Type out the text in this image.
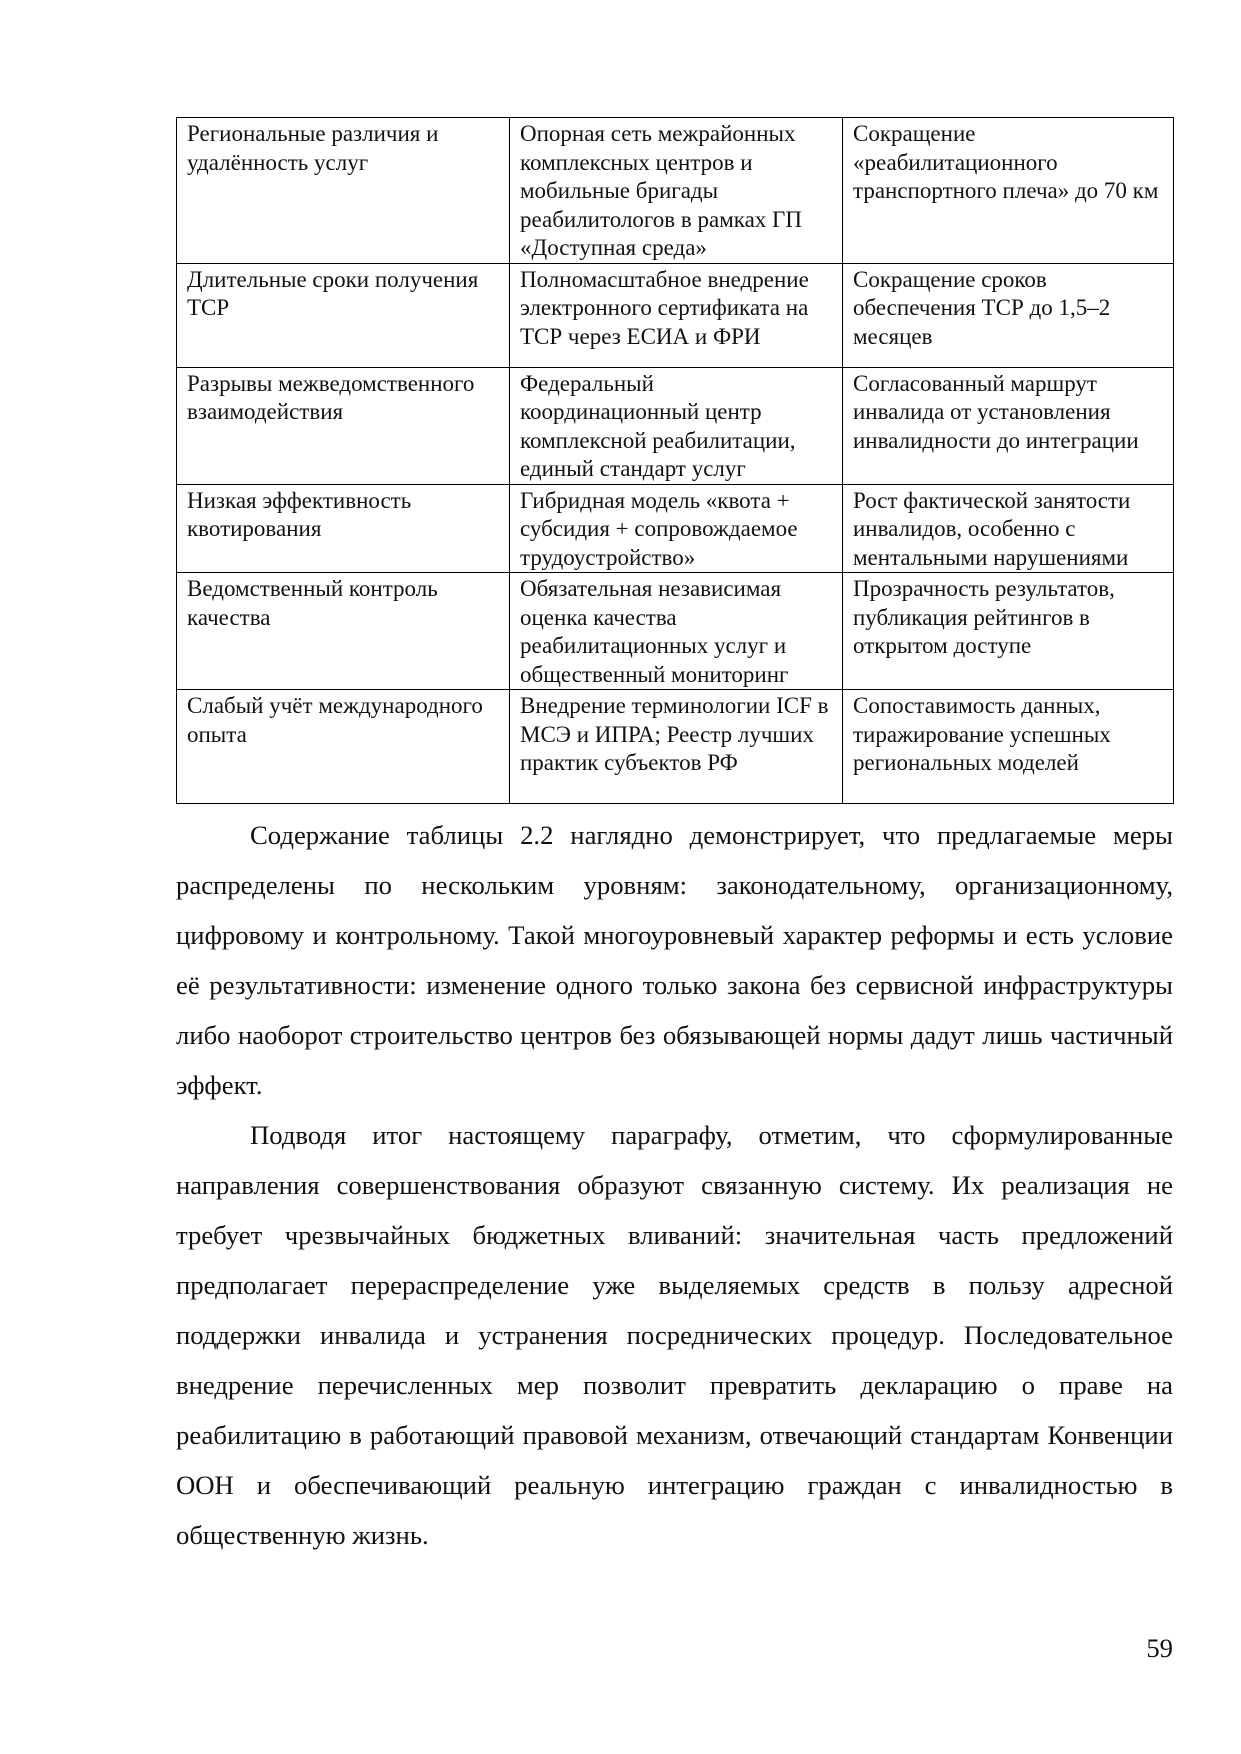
Региональные различия и удалённость услуг	Опорная сеть межрайонных комплексных центров и мобильные бригады реабилитологов в рамках ГП «Доступная среда»	Сокращение «реабилитационного транспортного плеча» до 70 км
Длительные сроки получения ТСР	Полномасштабное внедрение электронного сертификата на ТСР через ЕСИА и ФРИ	Сокращение сроков обеспечения ТСР до 1,5–2 месяцев
Разрывы межведомственного взаимодействия	Федеральный координационный центр комплексной реабилитации, единый стандарт услуг	Согласованный маршрут инвалида от установления инвалидности до интеграции
Низкая эффективность квотирования	Гибридная модель «квота + субсидия + сопровождаемое трудоустройство»	Рост фактической занятости инвалидов, особенно с ментальными нарушениями
Ведомственный контроль качества	Обязательная независимая оценка качества реабилитационных услуг и общественный мониторинг	Прозрачность результатов, публикация рейтингов в открытом доступе
Слабый учёт международного опыта	Внедрение терминологии ICF в МСЭ и ИПРА; Реестр лучших практик субъектов РФ	Сопоставимость данных, тиражирование успешных региональных моделей

Содержание таблицы 2.2 наглядно демонстрирует, что предлагаемые меры распределены по нескольким уровням: законодательному, организационному, цифровому и контрольному. Такой многоуровневый характер реформы и есть условие её результативности: изменение одного только закона без сервисной инфраструктуры либо наоборот строительство центров без обязывающей нормы дадут лишь частичный эффект.

Подводя итог настоящему параграфу, отметим, что сформулированные направления совершенствования образуют связанную систему. Их реализация не требует чрезвычайных бюджетных вливаний: значительная часть предложений предполагает перераспределение уже выделяемых средств в пользу адресной поддержки инвалида и устранения посреднических процедур. Последовательное внедрение перечисленных мер позволит превратить декларацию о праве на реабилитацию в работающий правовой механизм, отвечающий стандартам Конвенции ООН и обеспечивающий реальную интеграцию граждан с инвалидностью в общественную жизнь.

59
